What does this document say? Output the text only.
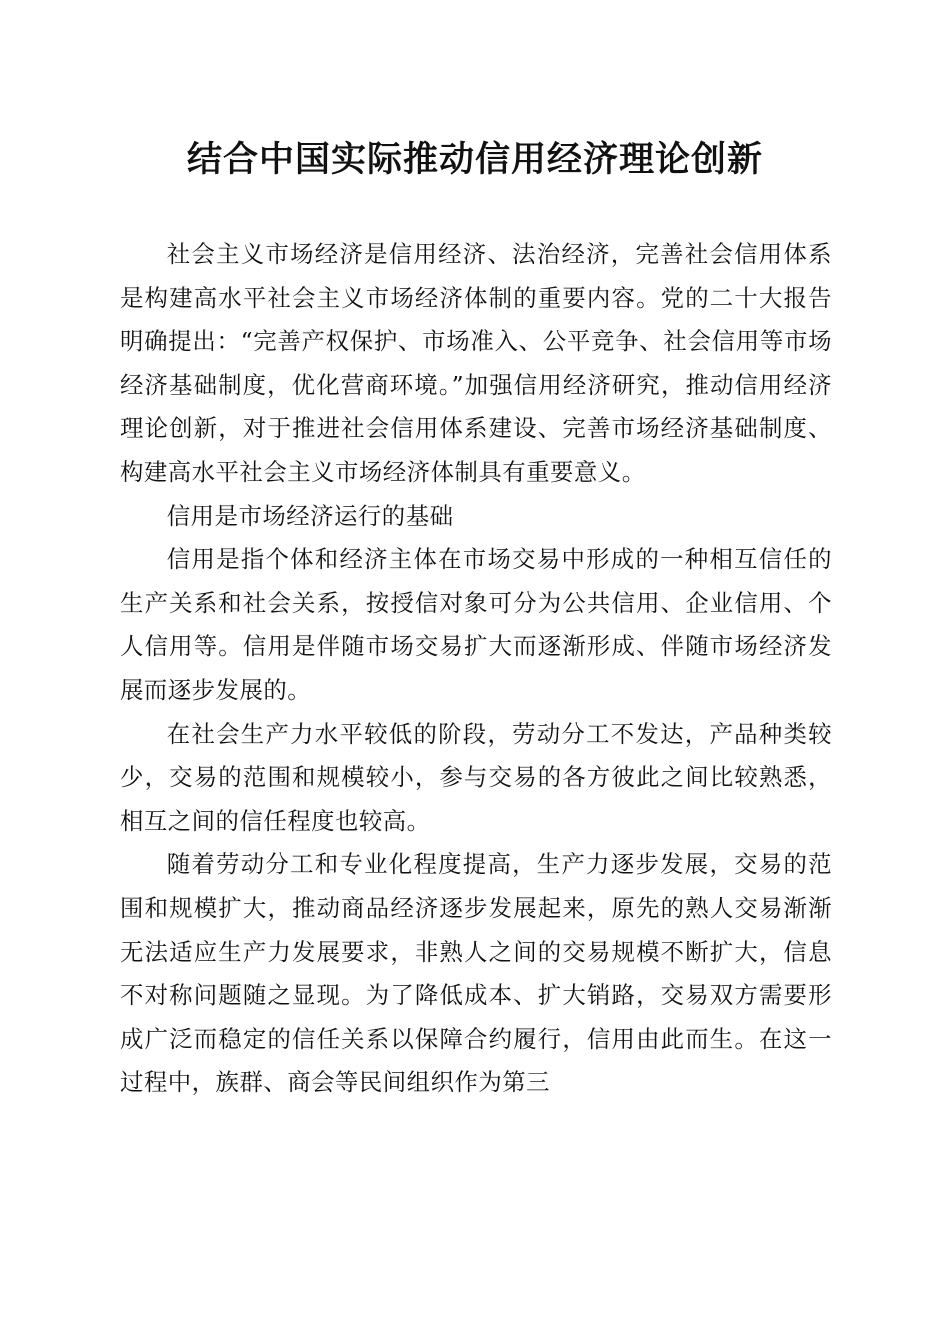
结合中国实际推动信用经济理论创新

社会主义市场经济是信用经济、法治经济，完善社会信用体系是构建高水平社会主义市场经济体制的重要内容。党的二十大报告明确提出：“完善产权保护、市场准入、公平竞争、社会信用等市场经济基础制度，优化营商环境。”加强信用经济研究，推动信用经济理论创新，对于推进社会信用体系建设、完善市场经济基础制度、构建高水平社会主义市场经济体制具有重要意义。

信用是市场经济运行的基础

信用是指个体和经济主体在市场交易中形成的一种相互信任的生产关系和社会关系，按授信对象可分为公共信用、企业信用、个人信用等。信用是伴随市场交易扩大而逐渐形成、伴随市场经济发展而逐步发展的。

在社会生产力水平较低的阶段，劳动分工不发达，产品种类较少，交易的范围和规模较小，参与交易的各方彼此之间比较熟悉，相互之间的信任程度也较高。

随着劳动分工和专业化程度提高，生产力逐步发展，交易的范围和规模扩大，推动商品经济逐步发展起来，原先的熟人交易渐渐无法适应生产力发展要求，非熟人之间的交易规模不断扩大，信息不对称问题随之显现。为了降低成本、扩大销路，交易双方需要形成广泛而稳定的信任关系以保障合约履行，信用由此而生。在这一过程中，族群、商会等民间组织作为第三
